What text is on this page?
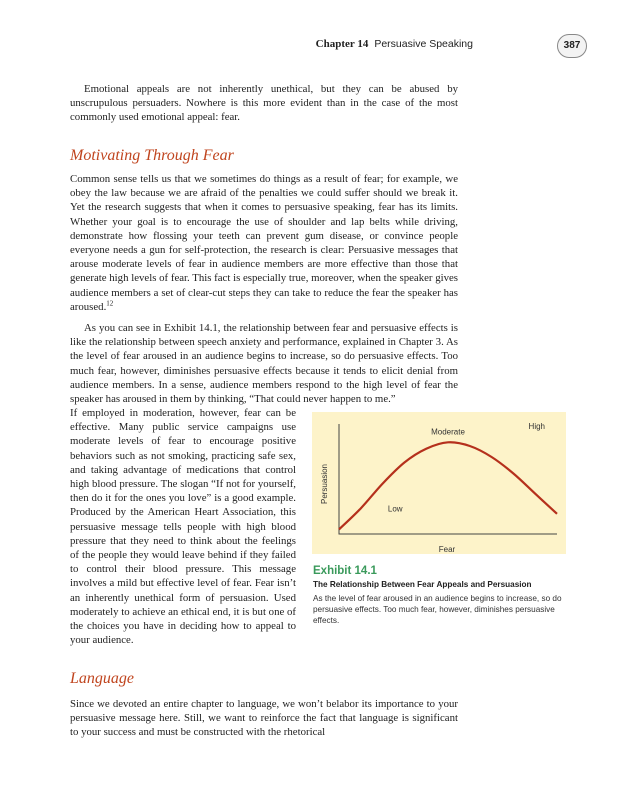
Chapter 14 Persuasive Speaking	387

Emotional appeals are not inherently unethical, but they can be abused by unscrupulous persuaders. Nowhere is this more evident than in the case of the most commonly used emotional appeal: fear.

Motivating Through Fear

Common sense tells us that we sometimes do things as a result of fear; for example, we obey the law because we are afraid of the penalties we could suffer should we break it. Yet the research suggests that when it comes to persuasive speaking, fear has its limits. Whether your goal is to encourage the use of shoulder and lap belts while driving, demonstrate how flossing your teeth can prevent gum disease, or convince people everyone needs a gun for self-protection, the research is clear: Persuasive messages that arouse moderate levels of fear in audience members are more effective than those that generate high levels of fear. This fact is especially true, moreover, when the speaker gives audience members a set of clear-cut steps they can take to reduce the fear the speaker has aroused.$^{12}$

As you can see in Exhibit 14.1, the relationship between fear and persuasive effects is like the relationship between speech anxiety and performance, explained in Chapter 3. As the level of fear aroused in an audience begins to increase, so do persuasive effects. Too much fear, however, diminishes persuasive effects because it tends to elicit denial from audience members. In a sense, audience members respond to the high level of fear the speaker has aroused in them by thinking, “That could never happen to me.”

If employed in moderation, however, fear can be effective. Many public service campaigns use moderate levels of fear to encourage positive behaviors such as not smoking, practicing safe sex, and taking advantage of medications that control high blood pressure. The slogan “If not for yourself, then do it for the ones you love” is a good example. Produced by the American Heart Association, this persuasive message tells people with high blood pressure that they need to think about the feelings of the people they would leave behind if they failed to control their blood pressure. This message involves a mild but effective level of fear. Fear isn’t an inherently unethical form of persuasion. Used moderately to achieve an ethical end, it is but one of the choices you have in deciding how to appeal to your audience.

Persuasion
Fear
Low
Moderate
High
Exhibit 14.1
The Relationship Between Fear Appeals and Persuasion
As the level of fear aroused in an audience begins to increase, so do persuasive effects. Too much fear, however, diminishes persuasive effects.
Language

Since we devoted an entire chapter to language, we won’t belabor its importance to your persuasive message here. Still, we want to reinforce the fact that language is significant to your success and must be constructed with the rhetorical
